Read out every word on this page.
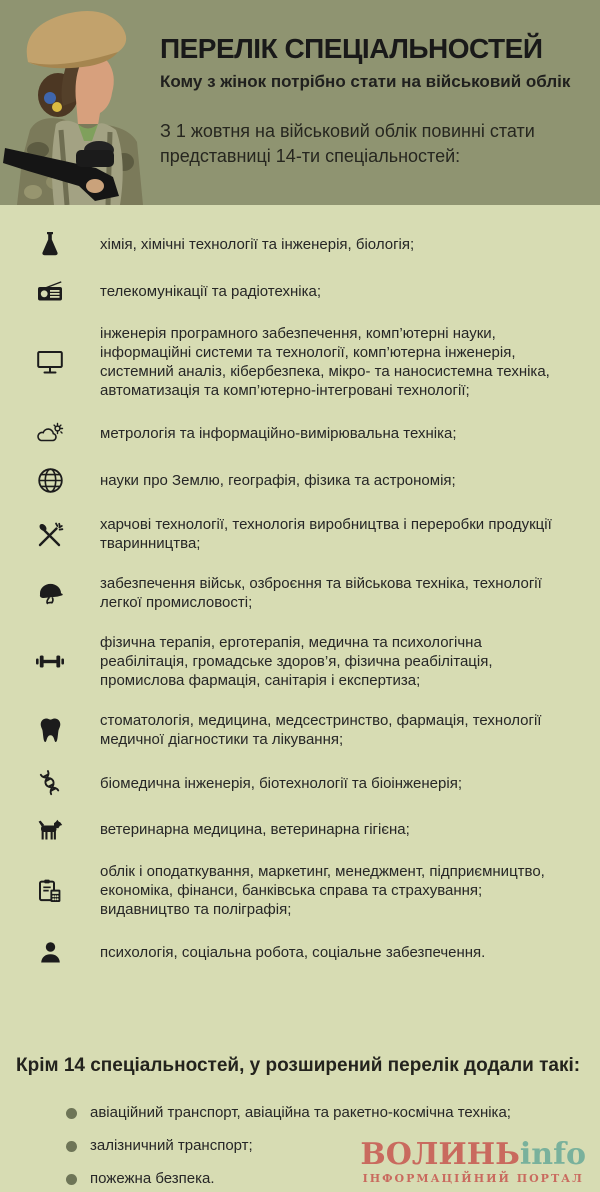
ПЕРЕЛІК СПЕЦІАЛЬНОСТЕЙ
Кому з жінок потрібно стати на військовий облік
З 1 жовтня на військовий облік повинні стати представниці 14-ти спеціальностей:

хімія, хімічні технології та інженерія, біологія;

телекомунікації та радіотехніка;

інженерія програмного забезпечення, комп’ютерні науки, інформаційні системи та технології, комп’ютерна інженерія, системний аналіз, кібербезпека, мікро- та наносистемна техніка, автоматизація та комп’ютерно-інтегровані технології;

метрологія та інформаційно-вимірювальна техніка;

науки про Землю, географія, фізика та астрономія;

харчові технології, технологія виробництва і переробки продукції тваринництва;

забезпечення військ, озброєння та військова техніка, технології легкої промисловості;

фізична терапія, ерготерапія, медична та психологічна реабілітація, громадське здоров’я, фізична реабілітація, промислова фармація, санітарія і експертиза;

стоматологія, медицина, медсестринство, фармація, технології медичної діагностики та лікування;

біомедична інженерія, біотехнології та біоінженерія;

ветеринарна медицина, ветеринарна гігієна;

облік і оподаткування, маркетинг, менеджмент, підприємництво, економіка, фінанси, банківська справа та страхування; видавництво та поліграфія;

психологія, соціальна робота, соціальне забезпечення.

Крім 14 спеціальностей, у розширений перелік додали такі:
авіаційний транспорт, авіаційна та ракетно-космічна техніка;
залізничний транспорт;
пожежна безпека.
ВОЛИНЬinfo
ІНФОРМАЦІЙНИЙ ПОРТАЛ
